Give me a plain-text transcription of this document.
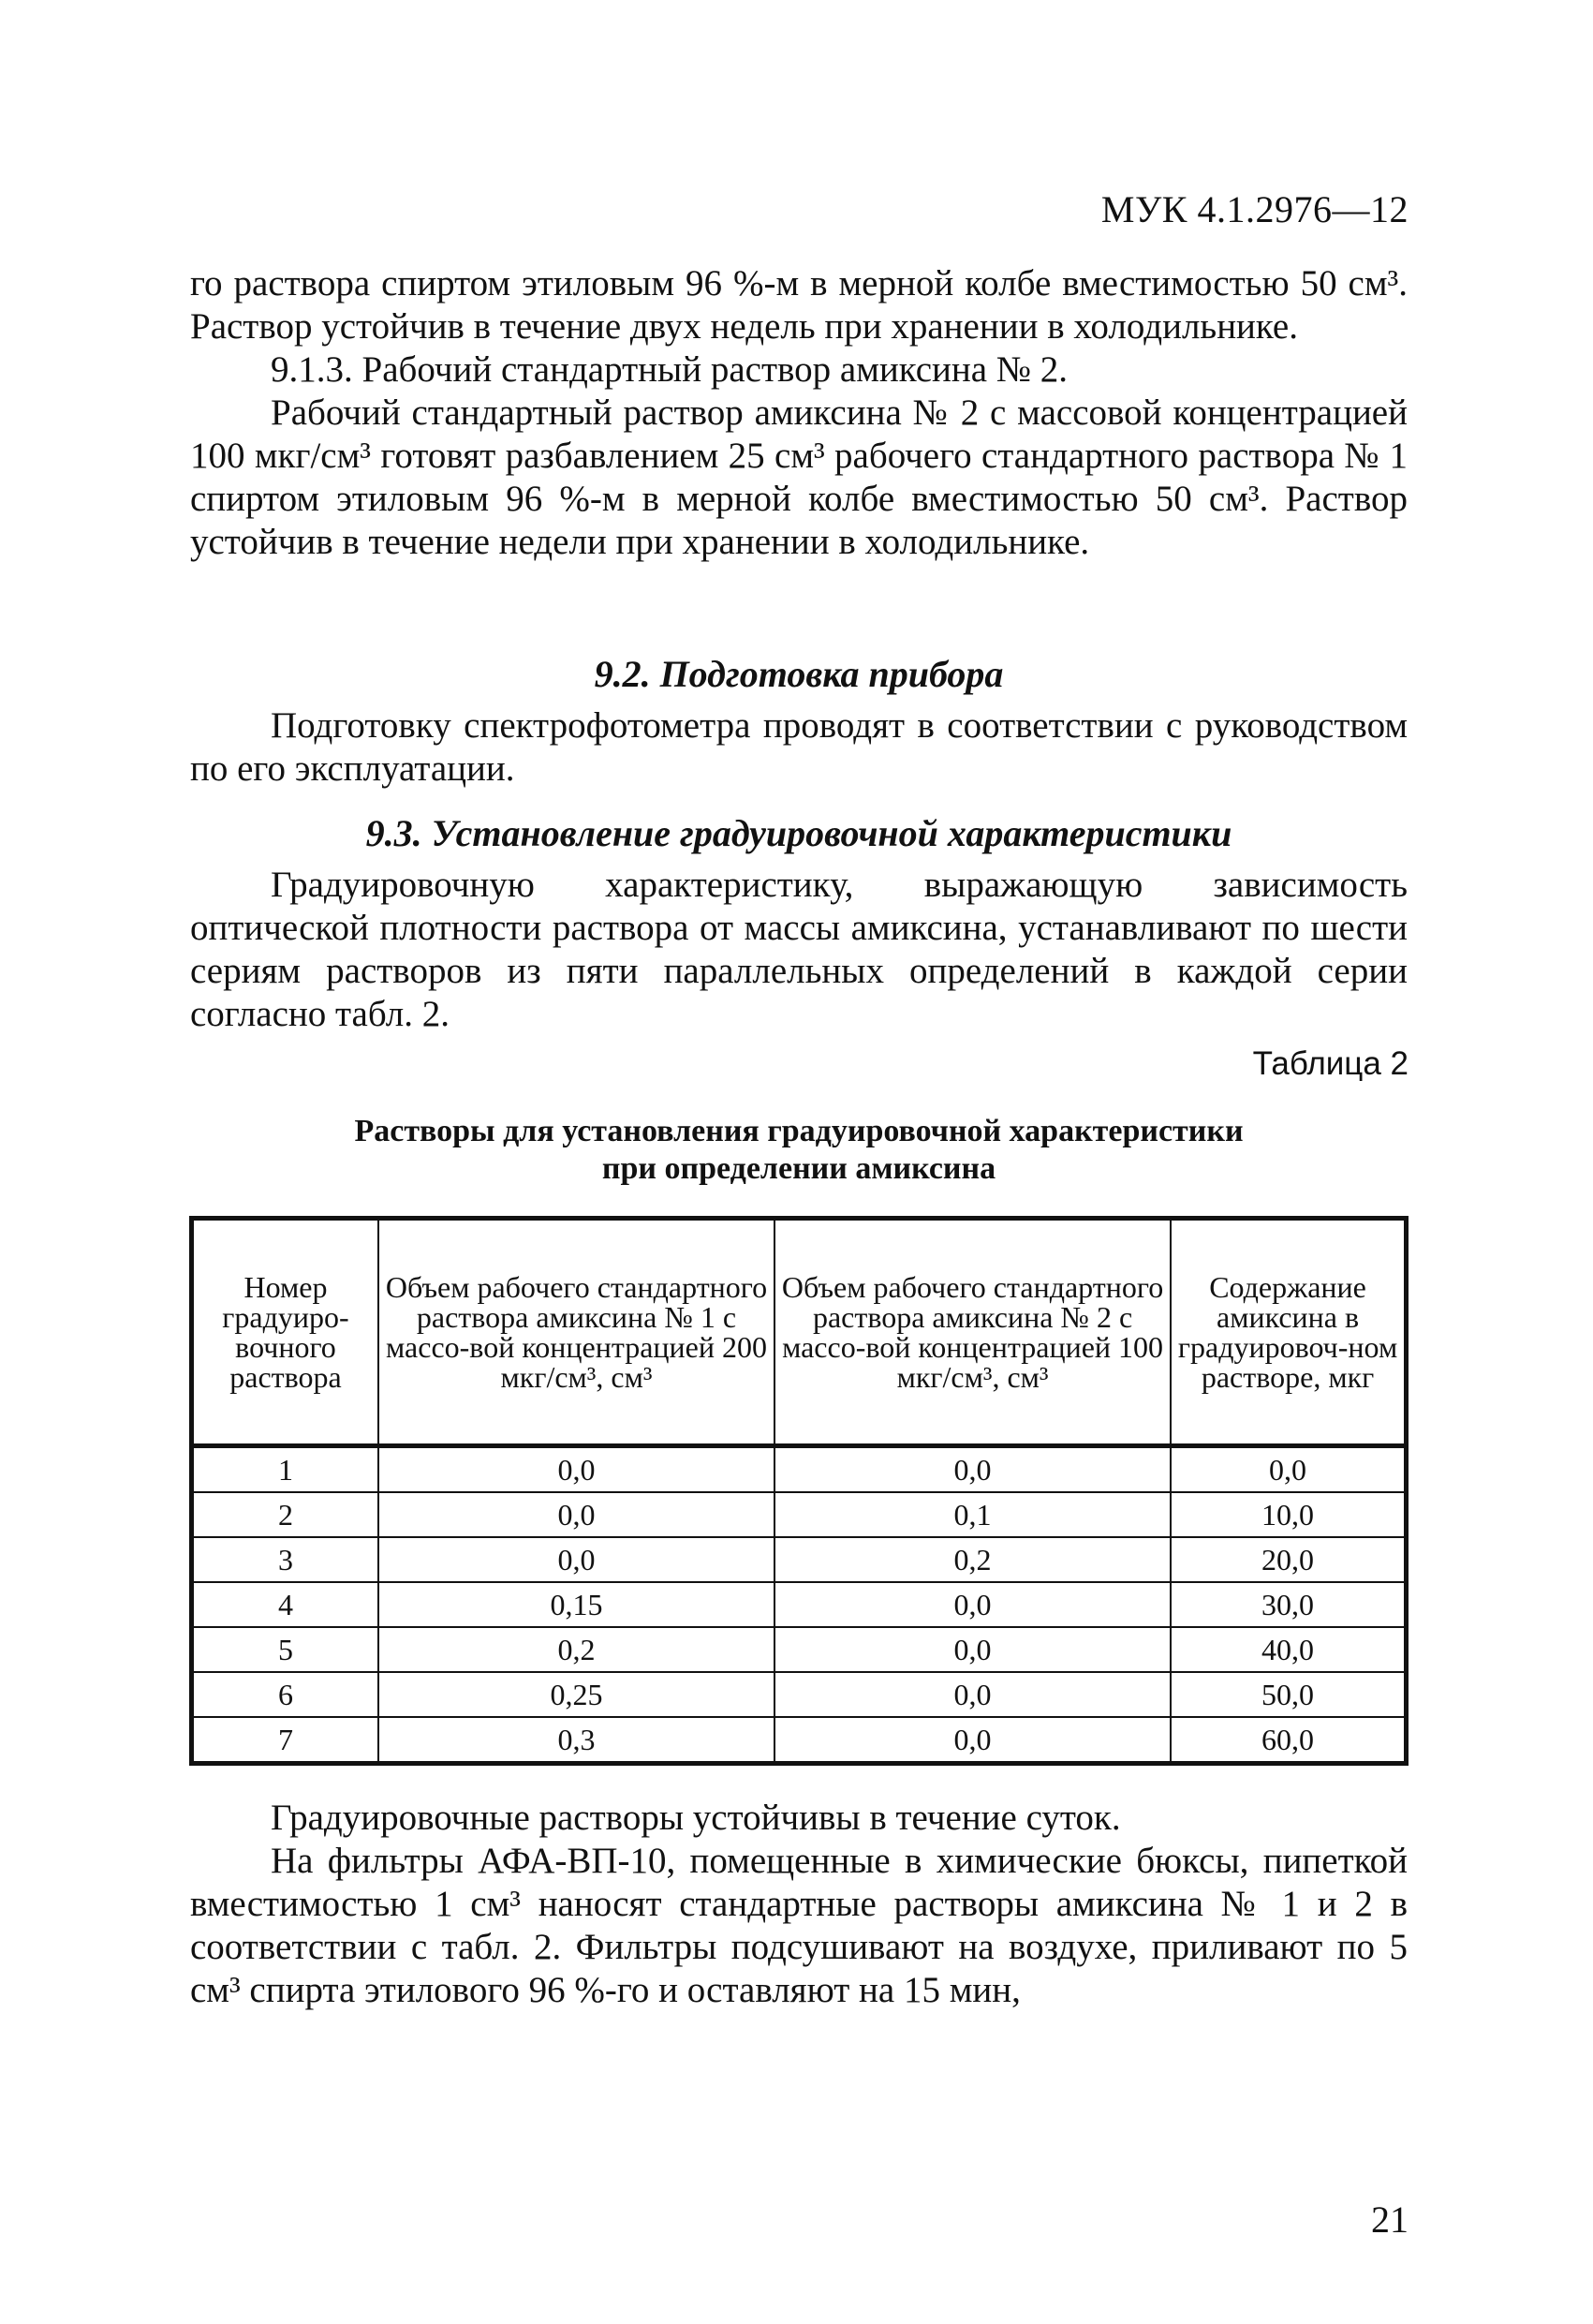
МУК 4.1.2976—12

го раствора спиртом этиловым 96 %-м в мерной колбе вместимостью 50 см³. Раствор устойчив в течение двух недель при хранении в холодильнике.

9.1.3. Рабочий стандартный раствор амиксина № 2.

Рабочий стандартный раствор амиксина № 2 с массовой концентрацией 100 мкг/см³ готовят разбавлением 25 см³ рабочего стандартного раствора № 1 спиртом этиловым 96 %-м в мерной колбе вместимостью 50 см³. Раствор устойчив в течение недели при хранении в холодильнике.

9.2. Подготовка прибора

Подготовку спектрофотометра проводят в соответствии с руководством по его эксплуатации.

9.3. Установление градуировочной характеристики

Градуировочную характеристику, выражающую зависимость оптической плотности раствора от массы амиксина, устанавливают по шести сериям растворов из пяти параллельных определений в каждой серии согласно табл. 2.

Таблица 2
Растворы для установления градуировочной характеристики
при определении амиксина
Номер градуиро-вочного раствора	Объем рабочего стандартного раствора амиксина № 1 с массо-вой концентрацией 200 мкг/см³, см³	Объем рабочего стандартного раствора амиксина № 2 с массо-вой концентрацией 100 мкг/см³, см³	Содержание амиксина в градуировоч-ном растворе, мкг
1	0,0	0,0	0,0
2	0,0	0,1	10,0
3	0,0	0,2	20,0
4	0,15	0,0	30,0
5	0,2	0,0	40,0
6	0,25	0,0	50,0
7	0,3	0,0	60,0

Градуировочные растворы устойчивы в течение суток.

На фильтры АФА-ВП-10, помещенные в химические бюксы, пипеткой вместимостью 1 см³ наносят стандартные растворы амиксина № 1 и 2 в соответствии с табл. 2. Фильтры подсушивают на воздухе, приливают по 5 см³ спирта этилового 96 %-го и оставляют на 15 мин,

21
